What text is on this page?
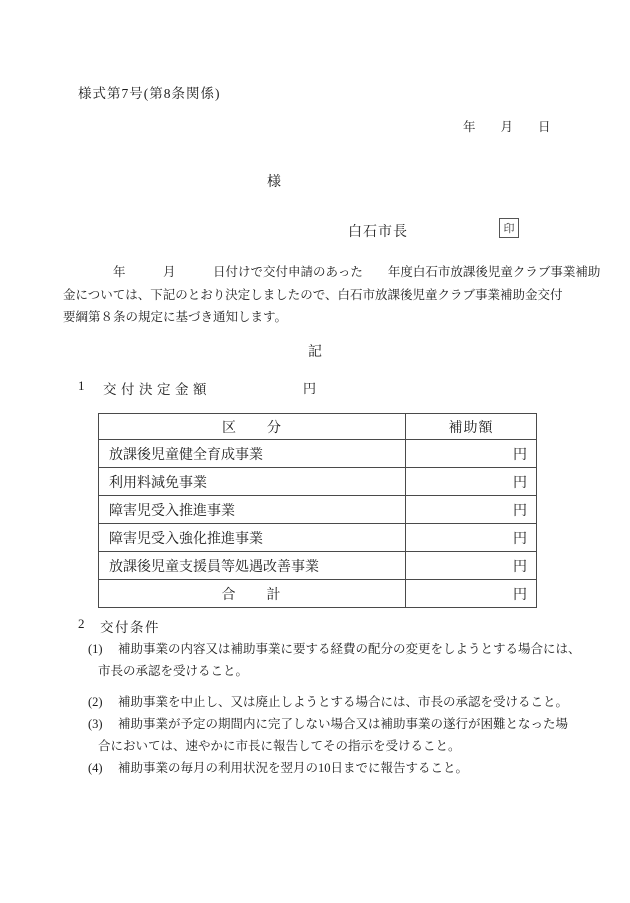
様式第7号(第8条関係)
年　　月　　日
様
白石市長	印
　　　　年　　　月　　　日付けで交付申請のあった　　年度白石市放課後児童クラブ事業補助
金については、下記のとおり決定しましたので、白石市放課後児童クラブ事業補助金交付
要綱第８条の規定に基づき通知します。
記
1 交付決定金額	円
区　　分	補助額
放課後児童健全育成事業	円
利用料減免事業	円
障害児受入推進事業	円
障害児受入強化推進事業	円
放課後児童支援員等処遇改善事業	円
合　　計	円
2 交付条件
(1) 補助事業の内容又は補助事業に要する経費の配分の変更をしようとする場合には、
市長の承認を受けること。
(2) 補助事業を中止し、又は廃止しようとする場合には、市長の承認を受けること。
(3) 補助事業が予定の期間内に完了しない場合又は補助事業の遂行が困難となった場
合においては、速やかに市長に報告してその指示を受けること。
(4) 補助事業の毎月の利用状況を翌月の10日までに報告すること。
